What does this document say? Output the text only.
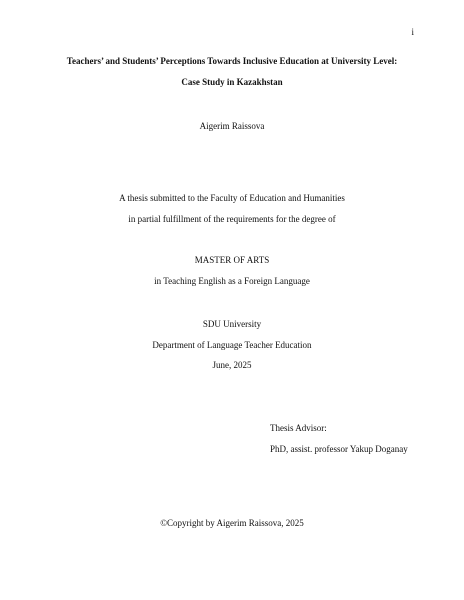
i
Teachers’ and Students’ Perceptions Towards Inclusive Education at University Level:
Case Study in Kazakhstan
Aigerim Raissova
A thesis submitted to the Faculty of Education and Humanities
in partial fulfillment of the requirements for the degree of
MASTER OF ARTS
in Teaching English as a Foreign Language
SDU University
Department of Language Teacher Education
June, 2025
Thesis Advisor:
PhD, assist. professor Yakup Doganay
©Copyright by Aigerim Raissova, 2025
